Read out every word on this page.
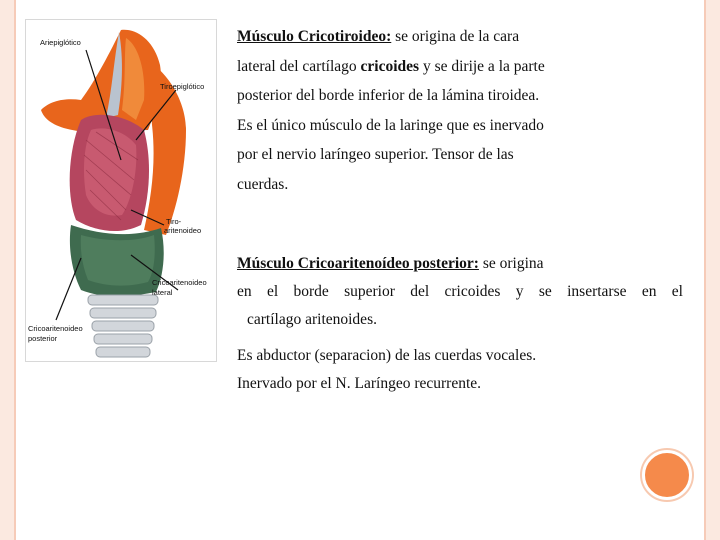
Ariepiglótico
Tiroepiglótico
Tiro-
aritenoideo
Cricoaritenoideo
lateral
Cricoaritenoideo
posterior
Músculo Cricotiroideo: se origina de la cara
lateral del cartílago cricoides y se dirije a la parte
posterior del borde inferior de la lámina tiroidea.
Es el único músculo de la laringe que es inervado
por el nervio laríngeo superior. Tensor de las
cuerdas.

Músculo Cricoaritenoídeo posterior: se origina

en el borde superior del cricoides y se insertarse en el

cartílago aritenoides.

Es abductor (separacion) de las cuerdas vocales.

Inervado por el N. Laríngeo recurrente.
